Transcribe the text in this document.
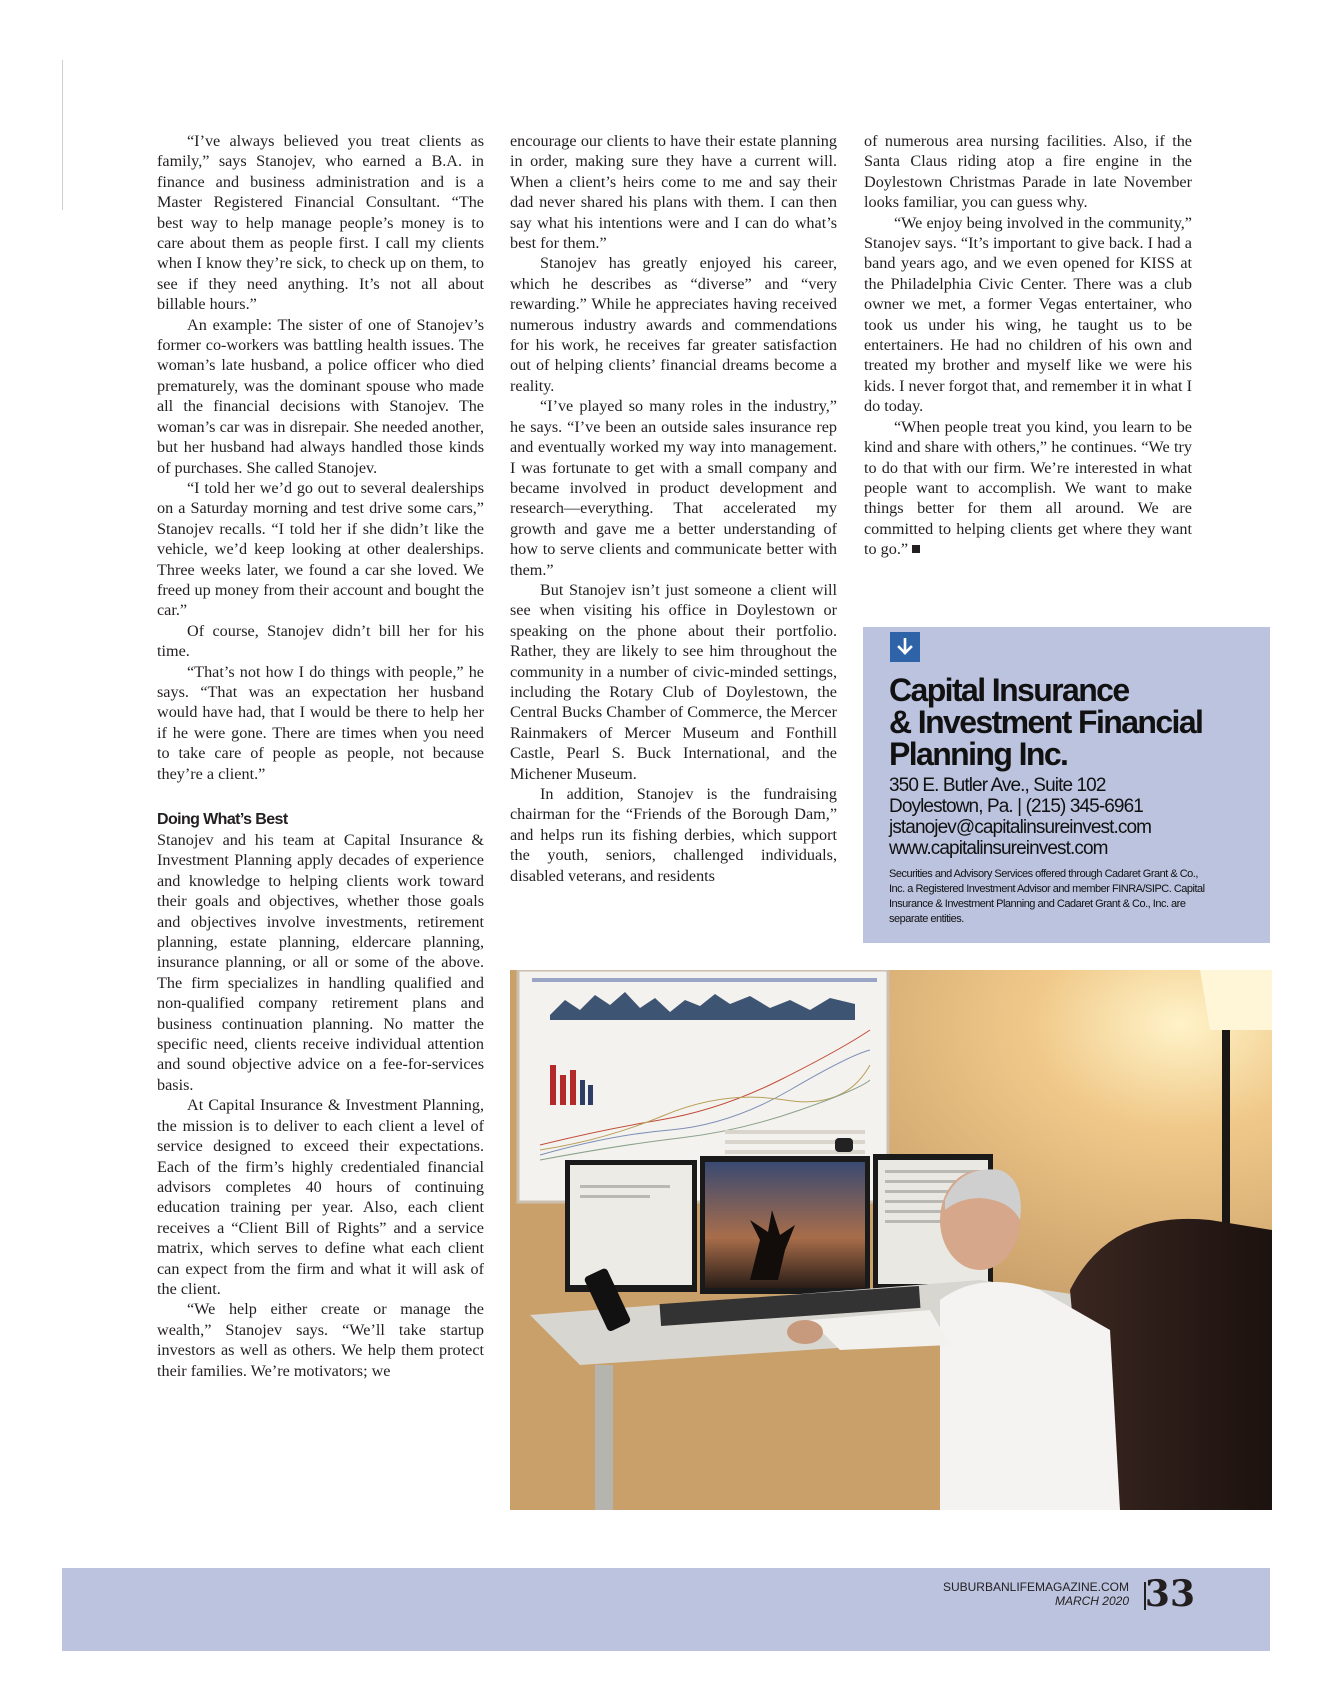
“I’ve always believed you treat clients as family,” says Stanojev, who earned a B.A. in finance and business administration and is a Master Registered Financial Consultant. “The best way to help manage people’s money is to care about them as people first. I call my clients when I know they’re sick, to check up on them, to see if they need anything. It’s not all about billable hours.”

An example: The sister of one of Stanojev’s former co-workers was battling health issues. The woman’s late husband, a police officer who died prematurely, was the dominant spouse who made all the financial decisions with Stanojev. The woman’s car was in disrepair. She needed another, but her husband had always handled those kinds of purchases. She called Stanojev.

“I told her we’d go out to several dealerships on a Saturday morning and test drive some cars,” Stanojev recalls. “I told her if she didn’t like the vehicle, we’d keep looking at other dealerships. Three weeks later, we found a car she loved. We freed up money from their account and bought the car.”

Of course, Stanojev didn’t bill her for his time.

“That’s not how I do things with people,” he says. “That was an expectation her husband would have had, that I would be there to help her if he were gone. There are times when you need to take care of people as people, not because they’re a client.”

Doing What’s Best

Stanojev and his team at Capital Insurance & Investment Planning apply decades of experience and knowledge to helping clients work toward their goals and objectives, whether those goals and objectives involve investments, retirement planning, estate planning, eldercare planning, insurance planning, or all or some of the above. The firm specializes in handling qualified and non-qualified company retirement plans and business continuation planning. No matter the specific need, clients receive individual attention and sound objective advice on a fee-for-services basis.

At Capital Insurance & Investment Planning, the mission is to deliver to each client a level of service designed to exceed their expectations. Each of the firm’s highly credentialed financial advisors completes 40 hours of continuing education training per year. Also, each client receives a “Client Bill of Rights” and a service matrix, which serves to define what each client can expect from the firm and what it will ask of the client.

“We help either create or manage the wealth,” Stanojev says. “We’ll take startup investors as well as others. We help them protect their families. We’re motivators; we

encourage our clients to have their estate planning in order, making sure they have a current will. When a client’s heirs come to me and say their dad never shared his plans with them. I can then say what his intentions were and I can do what’s best for them.”

Stanojev has greatly enjoyed his career, which he describes as “diverse” and “very rewarding.” While he appreciates having received numerous industry awards and commendations for his work, he receives far greater satisfaction out of helping clients’ financial dreams become a reality.

“I’ve played so many roles in the industry,” he says. “I’ve been an outside sales insurance rep and eventually worked my way into management. I was fortunate to get with a small company and became involved in product development and research—everything. That accelerated my growth and gave me a better understanding of how to serve clients and communicate better with them.”

But Stanojev isn’t just someone a client will see when visiting his office in Doylestown or speaking on the phone about their portfolio. Rather, they are likely to see him throughout the community in a number of civic-minded settings, including the Rotary Club of Doylestown, the Central Bucks Chamber of Commerce, the Mercer Rainmakers of Mercer Museum and Fonthill Castle, Pearl S. Buck International, and the Michener Museum.

In addition, Stanojev is the fundraising chairman for the “Friends of the Borough Dam,” and helps run its fishing derbies, which support the youth, seniors, challenged individuals, disabled veterans, and residents

of numerous area nursing facilities. Also, if the Santa Claus riding atop a fire engine in the Doylestown Christmas Parade in late November looks familiar, you can guess why.

“We enjoy being involved in the community,” Stanojev says. “It’s important to give back. I had a band years ago, and we even opened for KISS at the Philadelphia Civic Center. There was a club owner we met, a former Vegas entertainer, who took us under his wing, he taught us to be entertainers. He had no children of his own and treated my brother and myself like we were his kids. I never forgot that, and remember it in what I do today.

“When people treat you kind, you learn to be kind and share with others,” he continues. “We try to do that with our firm. We’re interested in what people want to accomplish. We want to make things better for them all around. We are committed to helping clients get where they want to go.”

Capital Insurance
& Investment Financial
Planning Inc.
350 E. Butler Ave., Suite 102
Doylestown, Pa. | (215) 345-6961
jstanojev@capitalinsureinvest.com
www.capitalinsureinvest.com
Securities and Advisory Services offered through Cadaret Grant & Co., Inc. a Registered Investment Advisor and member FINRA/SIPC. Capital Insurance & Investment Planning and Cadaret Grant & Co., Inc. are separate entities.
SUBURBANLIFEMAGAZINE.COM
MARCH 2020 33
